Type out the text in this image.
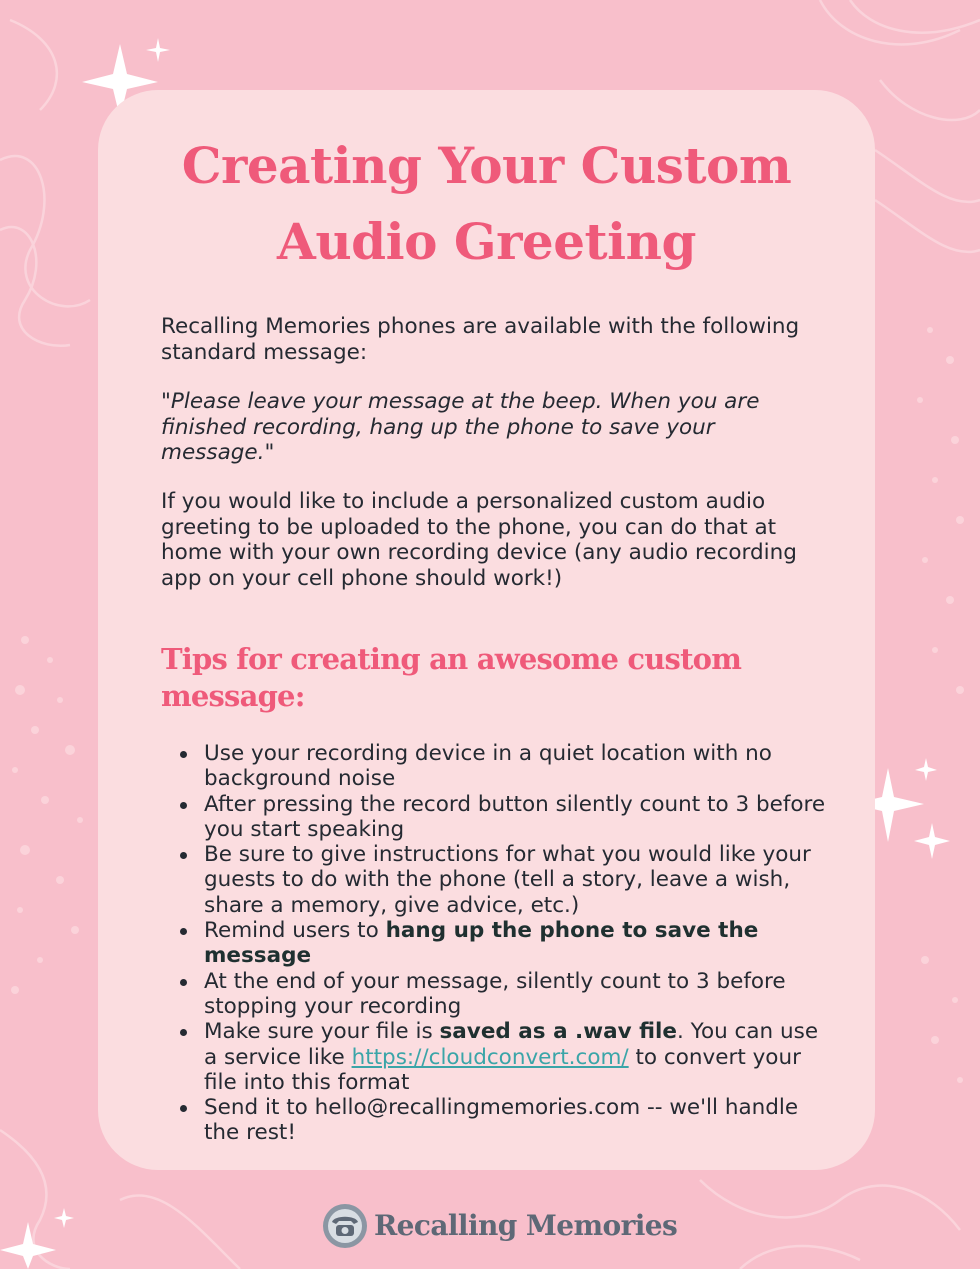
Creating Your Custom
Audio Greeting
Recalling Memories phones are available with the following standard message:
"Please leave your message at the beep. When you are finished recording, hang up the phone to save your message."
If you would like to include a personalized custom audio greeting to be uploaded to the phone, you can do that at home with your own recording device (any audio recording app on your cell phone should work!)
Tips for creating an awesome custom message:
Use your recording device in a quiet location with no background noise
After pressing the record button silently count to 3 before you start speaking
Be sure to give instructions for what you would like your guests to do with the phone (tell a story, leave a wish, share a memory, give advice, etc.)
Remind users to hang up the phone to save the message
At the end of your message, silently count to 3 before stopping your recording
Make sure your file is saved as a .wav file. You can use a service like https://cloudconvert.com/ to convert your file into this format
Send it to hello@recallingmemories.com -- we'll handle the rest!
Recalling Memories
